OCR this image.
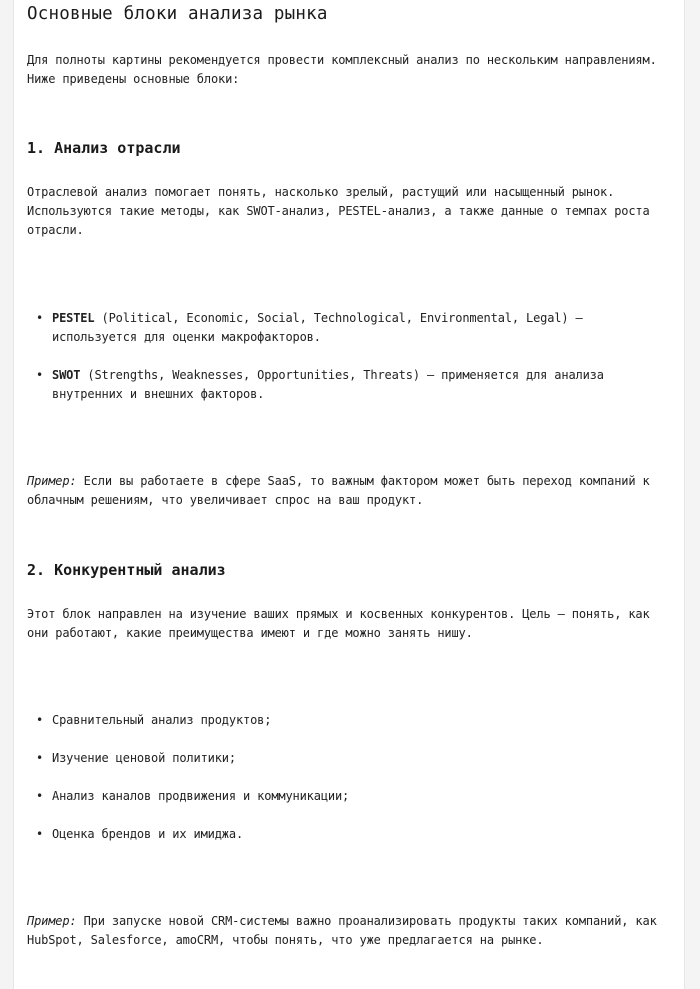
Основные блоки анализа рынка

Для полноты картины рекомендуется провести комплексный анализ по нескольким направлениям. Ниже приведены основные блоки:

1. Анализ отрасли

Отраслевой анализ помогает понять, насколько зрелый, растущий или насыщенный рынок. Используются такие методы, как SWOT-анализ, PESTEL-анализ, а также данные о темпах роста отрасли.

• PESTEL (Political, Economic, Social, Technological, Environmental, Legal) — используется для оценки макрофакторов.
• SWOT (Strengths, Weaknesses, Opportunities, Threats) — применяется для анализа внутренних и внешних факторов.

Пример: Если вы работаете в сфере SaaS, то важным фактором может быть переход компаний к облачным решениям, что увеличивает спрос на ваш продукт.

2. Конкурентный анализ

Этот блок направлен на изучение ваших прямых и косвенных конкурентов. Цель — понять, как они работают, какие преимущества имеют и где можно занять нишу.

• Сравнительный анализ продуктов;
• Изучение ценовой политики;
• Анализ каналов продвижения и коммуникации;
• Оценка брендов и их имиджа.

Пример: При запуске новой CRM-системы важно проанализировать продукты таких компаний, как HubSpot, Salesforce, amoCRM, чтобы понять, что уже предлагается на рынке.
